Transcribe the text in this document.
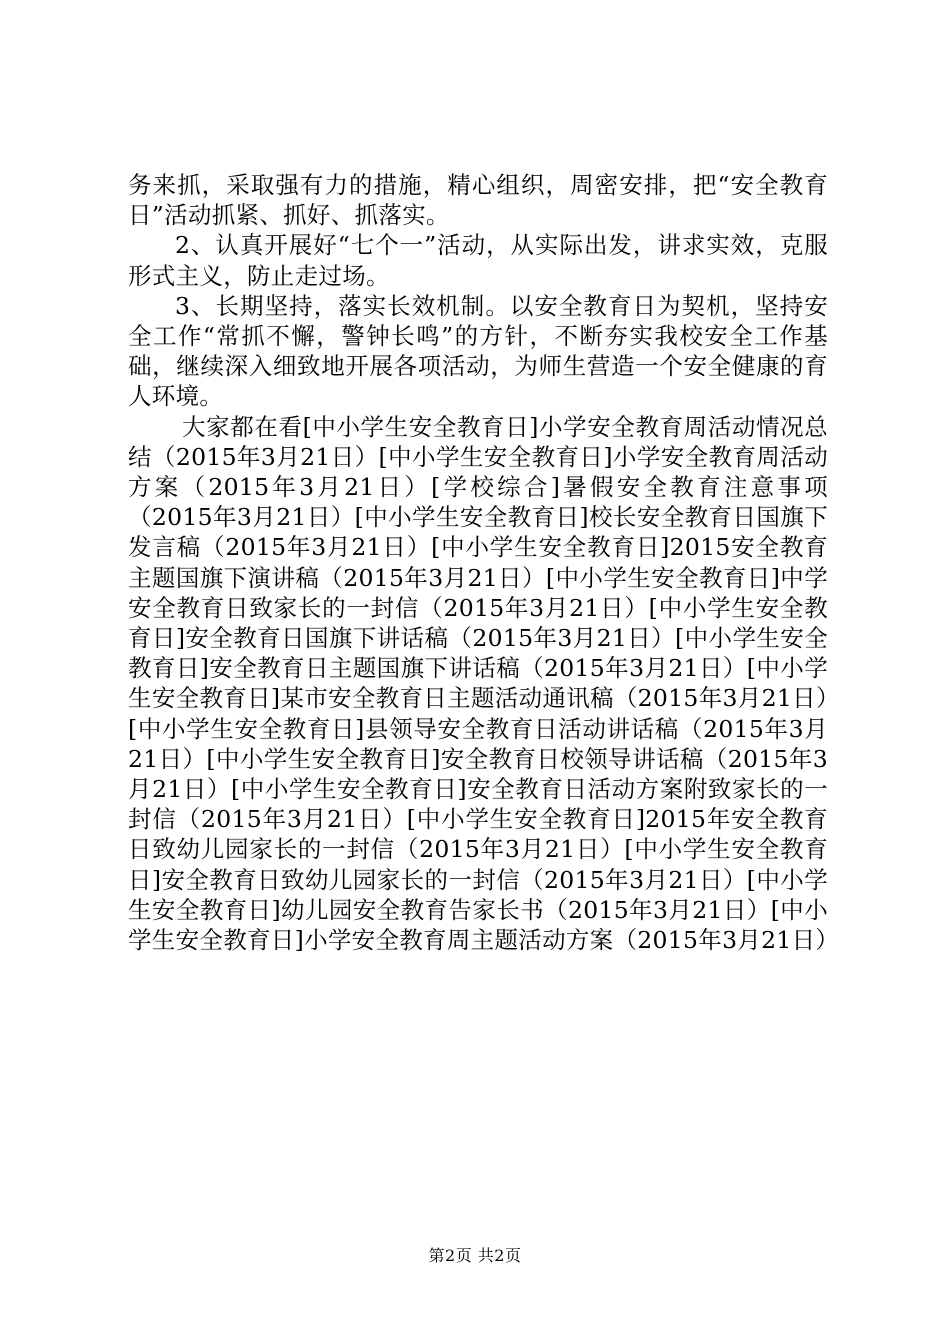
务来抓，采取强有力的措施，精心组织，周密安排，把“安全教育日”活动抓紧、抓好、抓落实。

2、认真开展好“七个一”活动，从实际出发，讲求实效，克服形式主义，防止走过场。

3、长期坚持，落实长效机制。以安全教育日为契机，坚持安全工作“常抓不懈，警钟长鸣”的方针，不断夯实我校安全工作基础，继续深入细致地开展各项活动，为师生营造一个安全健康的育人环境。

大家都在看[中小学生安全教育日]小学安全教育周活动情况总结（2015年3月21日）[中小学生安全教育日]小学安全教育周活动方案（2015年3月21日）[学校综合]暑假安全教育注意事项（2015年3月21日）[中小学生安全教育日]校长安全教育日国旗下发言稿（2015年3月21日）[中小学生安全教育日]2015安全教育主题国旗下演讲稿（2015年3月21日）[中小学生安全教育日]中学安全教育日致家长的一封信（2015年3月21日）[中小学生安全教育日]安全教育日国旗下讲话稿（2015年3月21日）[中小学生安全教育日]安全教育日主题国旗下讲话稿（2015年3月21日）[中小学生安全教育日]某市安全教育日主题活动通讯稿（2015年3月21日）[中小学生安全教育日]县领导安全教育日活动讲话稿（2015年3月21日）[中小学生安全教育日]安全教育日校领导讲话稿（2015年3月21日）[中小学生安全教育日]安全教育日活动方案附致家长的一封信（2015年3月21日）[中小学生安全教育日]2015年安全教育日致幼儿园家长的一封信（2015年3月21日）[中小学生安全教育日]安全教育日致幼儿园家长的一封信（2015年3月21日）[中小学生安全教育日]幼儿园安全教育告家长书（2015年3月21日）[中小学生安全教育日]小学安全教育周主题活动方案（2015年3月21日）

第2页 共2页
